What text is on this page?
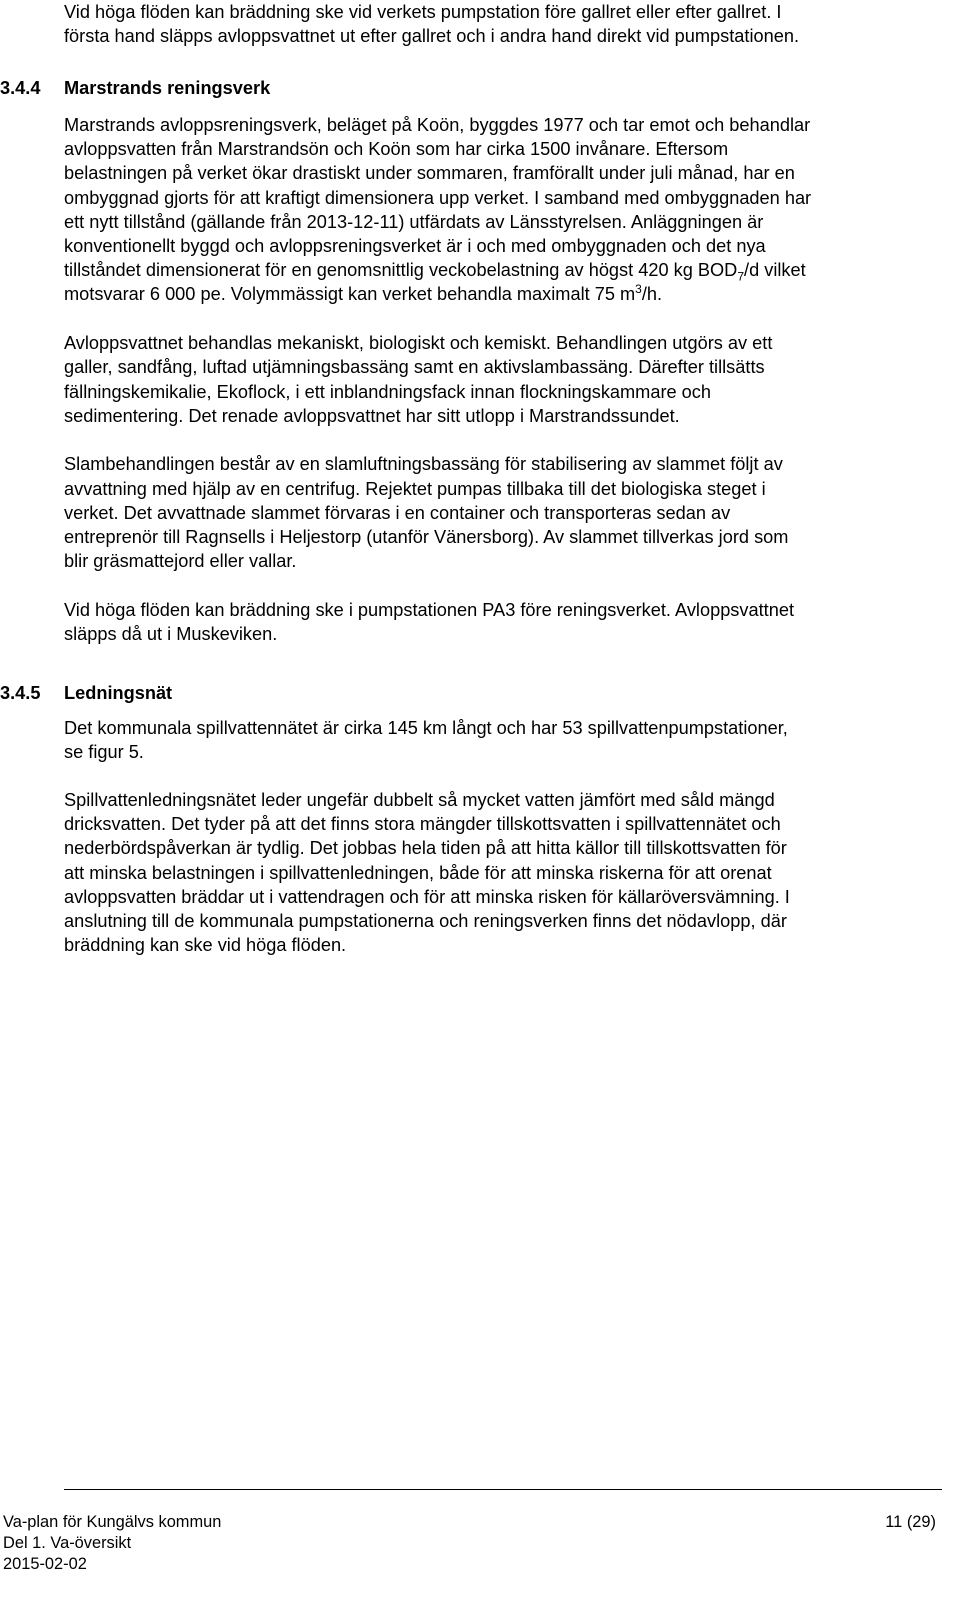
Vid höga flöden kan bräddning ske vid verkets pumpstation före gallret eller efter gallret. I
första hand släpps avloppsvattnet ut efter gallret och i andra hand direkt vid pumpstationen.
3.4.4 Marstrands reningsverk
Marstrands avloppsreningsverk, beläget på Koön, byggdes 1977 och tar emot och behandlar
avloppsvatten från Marstrandsön och Koön som har cirka 1500 invånare. Eftersom
belastningen på verket ökar drastiskt under sommaren, framförallt under juli månad, har en
ombyggnad gjorts för att kraftigt dimensionera upp verket. I samband med ombyggnaden har
ett nytt tillstånd (gällande från 2013-12-11) utfärdats av Länsstyrelsen. Anläggningen är
konventionellt byggd och avloppsreningsverket är i och med ombyggnaden och det nya
tillståndet dimensionerat för en genomsnittlig veckobelastning av högst 420 kg $BOD_7/d$ vilket
motsvarar 6 000 pe. Volymmässigt kan verket behandla maximalt 75 $m^3/h$.
Avloppsvattnet behandlas mekaniskt, biologiskt och kemiskt. Behandlingen utgörs av ett
galler, sandfång, luftad utjämningsbassäng samt en aktivslambassäng. Därefter tillsätts
fällningskemikalie, Ekoflock, i ett inblandningsfack innan flockningskammare och
sedimentering. Det renade avloppsvattnet har sitt utlopp i Marstrandssundet.
Slambehandlingen består av en slamluftningsbassäng för stabilisering av slammet följt av
avvattning med hjälp av en centrifug. Rejektet pumpas tillbaka till det biologiska steget i
verket. Det avvattnade slammet förvaras i en container och transporteras sedan av
entreprenör till Ragnsells i Heljestorp (utanför Vänersborg). Av slammet tillverkas jord som
blir gräsmattejord eller vallar.
Vid höga flöden kan bräddning ske i pumpstationen PA3 före reningsverket. Avloppsvattnet
släpps då ut i Muskeviken.
3.4.5 Ledningsnät
Det kommunala spillvattennätet är cirka 145 km långt och har 53 spillvattenpumpstationer,
se figur 5.
Spillvattenledningsnätet leder ungefär dubbelt så mycket vatten jämfört med såld mängd
dricksvatten. Det tyder på att det finns stora mängder tillskottsvatten i spillvattennätet och
nederbördspåverkan är tydlig. Det jobbas hela tiden på att hitta källor till tillskottsvatten för
att minska belastningen i spillvattenledningen, både för att minska riskerna för att orenat
avloppsvatten bräddar ut i vattendragen och för att minska risken för källaröversvämning. I
anslutning till de kommunala pumpstationerna och reningsverken finns det nödavlopp, där
bräddning kan ske vid höga flöden.
Va-plan för Kungälvs kommun
Del 1. Va-översikt
2015-02-02
11 (29)
